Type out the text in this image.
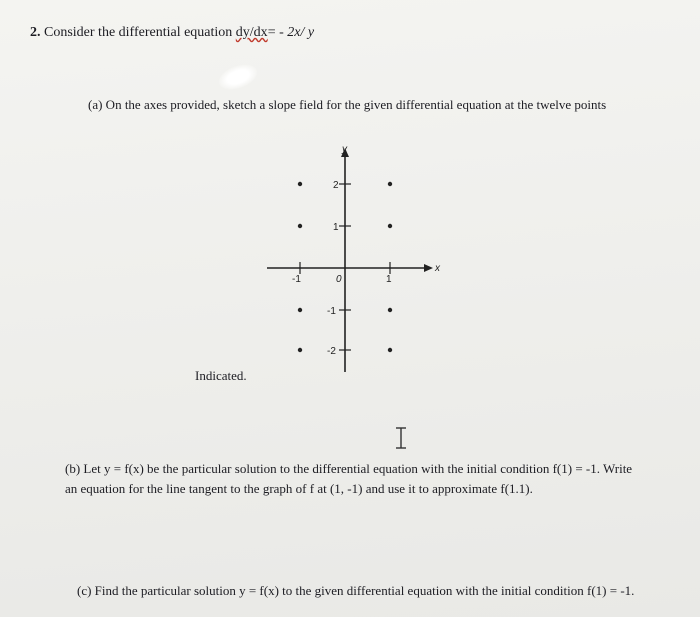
2. Consider the differential equation dy/dx= - 2x/ y
(a) On the axes provided, sketch a slope field for the given differential equation at the twelve points
x
y
-1	0	1
2
1
-1
-2
Indicated.
(b) Let y = f(x) be the particular solution to the differential equation with the initial condition f(1) = -1. Write
an equation for the line tangent to the graph of f at (1, -1) and use it to approximate f(1.1).
(c) Find the particular solution y = f(x) to the given differential equation with the initial condition f(1) = -1.
